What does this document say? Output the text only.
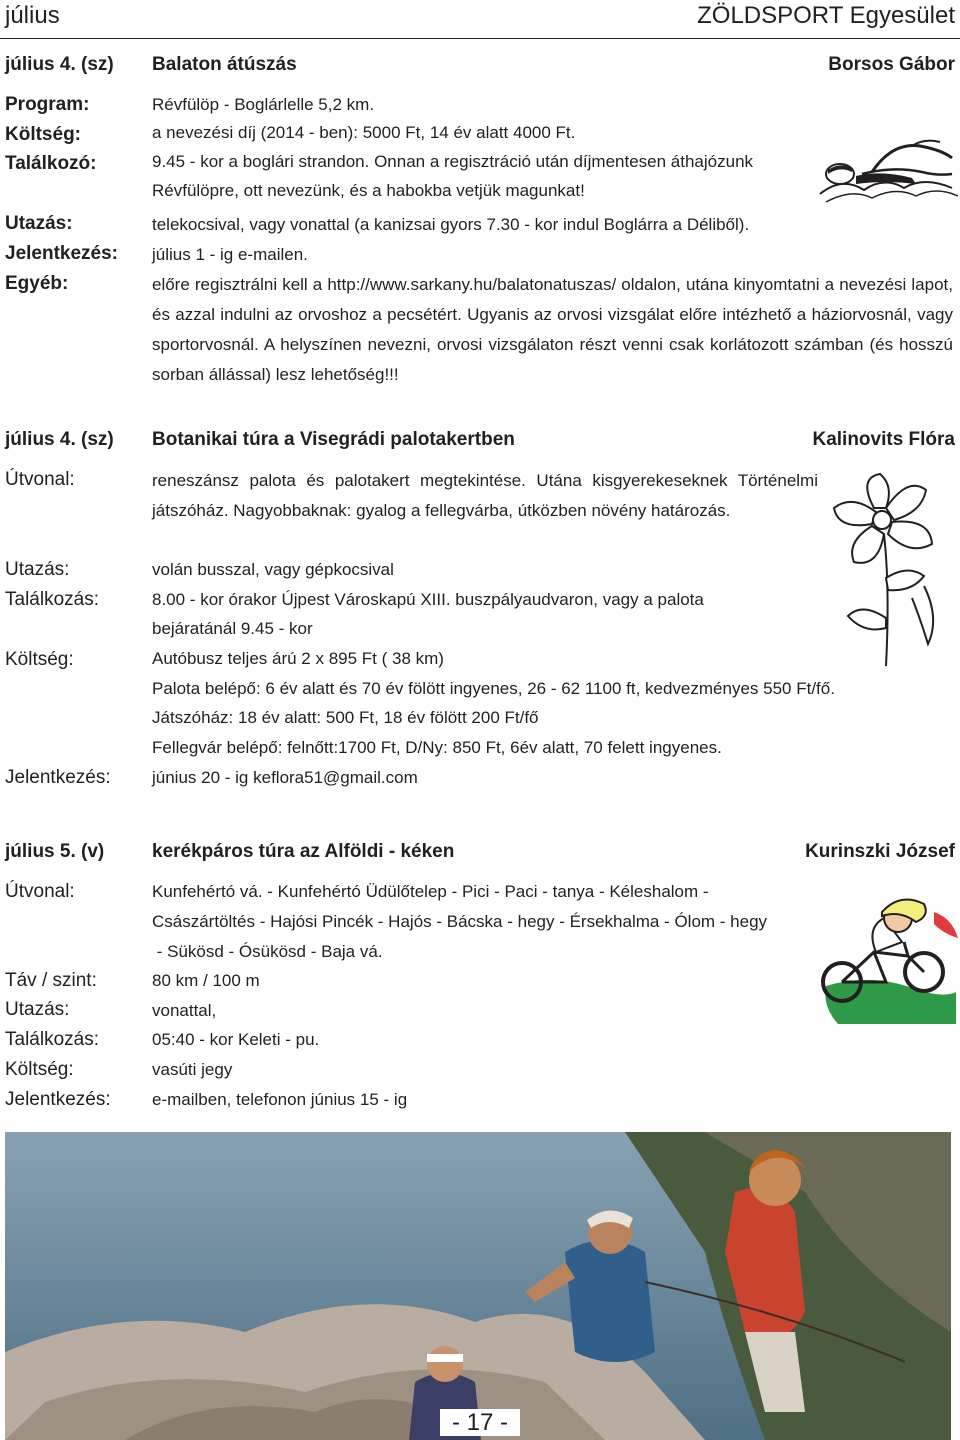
július	ZÖLDSPORT Egyesület
július 4. (sz) Balaton átúszás	Borsos Gábor
Program:	Révfülöp - Boglárlelle 5,2 km.
Költség:	a nevezési díj (2014 - ben): 5000 Ft, 14 év alatt 4000 Ft.
Találkozó:	9.45 - kor a boglári strandon. Onnan a regisztráció után díjmentesen áthajózunk
Révfülöpre, ott nevezünk, és a habokba vetjük magunkat!
Utazás:	telekocsival, vagy vonattal (a kanizsai gyors 7.30 - kor indul Boglárra a Déliből).
Jelentkezés: július 1 - ig e-mailen.
Egyéb:	előre regisztrálni kell a http://www.sarkany.hu/balatonatuszas/ oldalon, utána kinyomtatni a nevezési lapot, és azzal indulni az orvoshoz a pecsétért. Ugyanis az orvosi vizsgálat előre intézhető a háziorvosnál, vagy sportorvosnál. A helyszínen nevezni, orvosi vizsgálaton részt venni csak korlátozott számban (és hosszú sorban állással) lesz lehetőség!!!
július 4. (sz) Botanikai túra a Visegrádi palotakertben	Kalinovits Flóra
Útvonal:	reneszánsz palota és palotakert megtekintése. Utána kisgyerekeseknek Történelmi játszóház. Nagyobbaknak: gyalog a fellegvárba, útközben növény határozás.
Utazás:	volán busszal, vagy gépkocsival
Találkozás:	8.00 - kor órakor Újpest Városkapú XIII. buszpályaudvaron, vagy a palota
bejáratánál 9.45 - kor
Költség:	Autóbusz teljes árú 2 x 895 Ft ( 38 km)
Palota belépő: 6 év alatt és 70 év fölött ingyenes, 26 - 62 1100 ft, kedvezményes 550 Ft/fő.
Játszóház: 18 év alatt: 500 Ft, 18 év fölött 200 Ft/fő
Fellegvár belépő: felnőtt:1700 Ft, D/Ny: 850 Ft, 6év alatt, 70 felett ingyenes.
Jelentkezés: június 20 - ig keflora51@gmail.com
július 5. (v)	kerékpáros túra az Alföldi - kéken	Kurinszki József
Útvonal:	Kunfehértó vá. - Kunfehértó Üdülőtelep - Pici - Paci - tanya - Kéleshalom -
Császártöltés - Hajósi Pincék - Hajós - Bácska - hegy - Érsekhalma - Ólom - hegy
- Sükösd - Ósükösd - Baja vá.
Táv / szint:	80 km / 100 m
Utazás:	vonattal,
Találkozás:	05:40 - kor Keleti - pu.
Költség:	vasúti jegy
Jelentkezés: e-mailben, telefonon június 15 - ig
- 17 -
